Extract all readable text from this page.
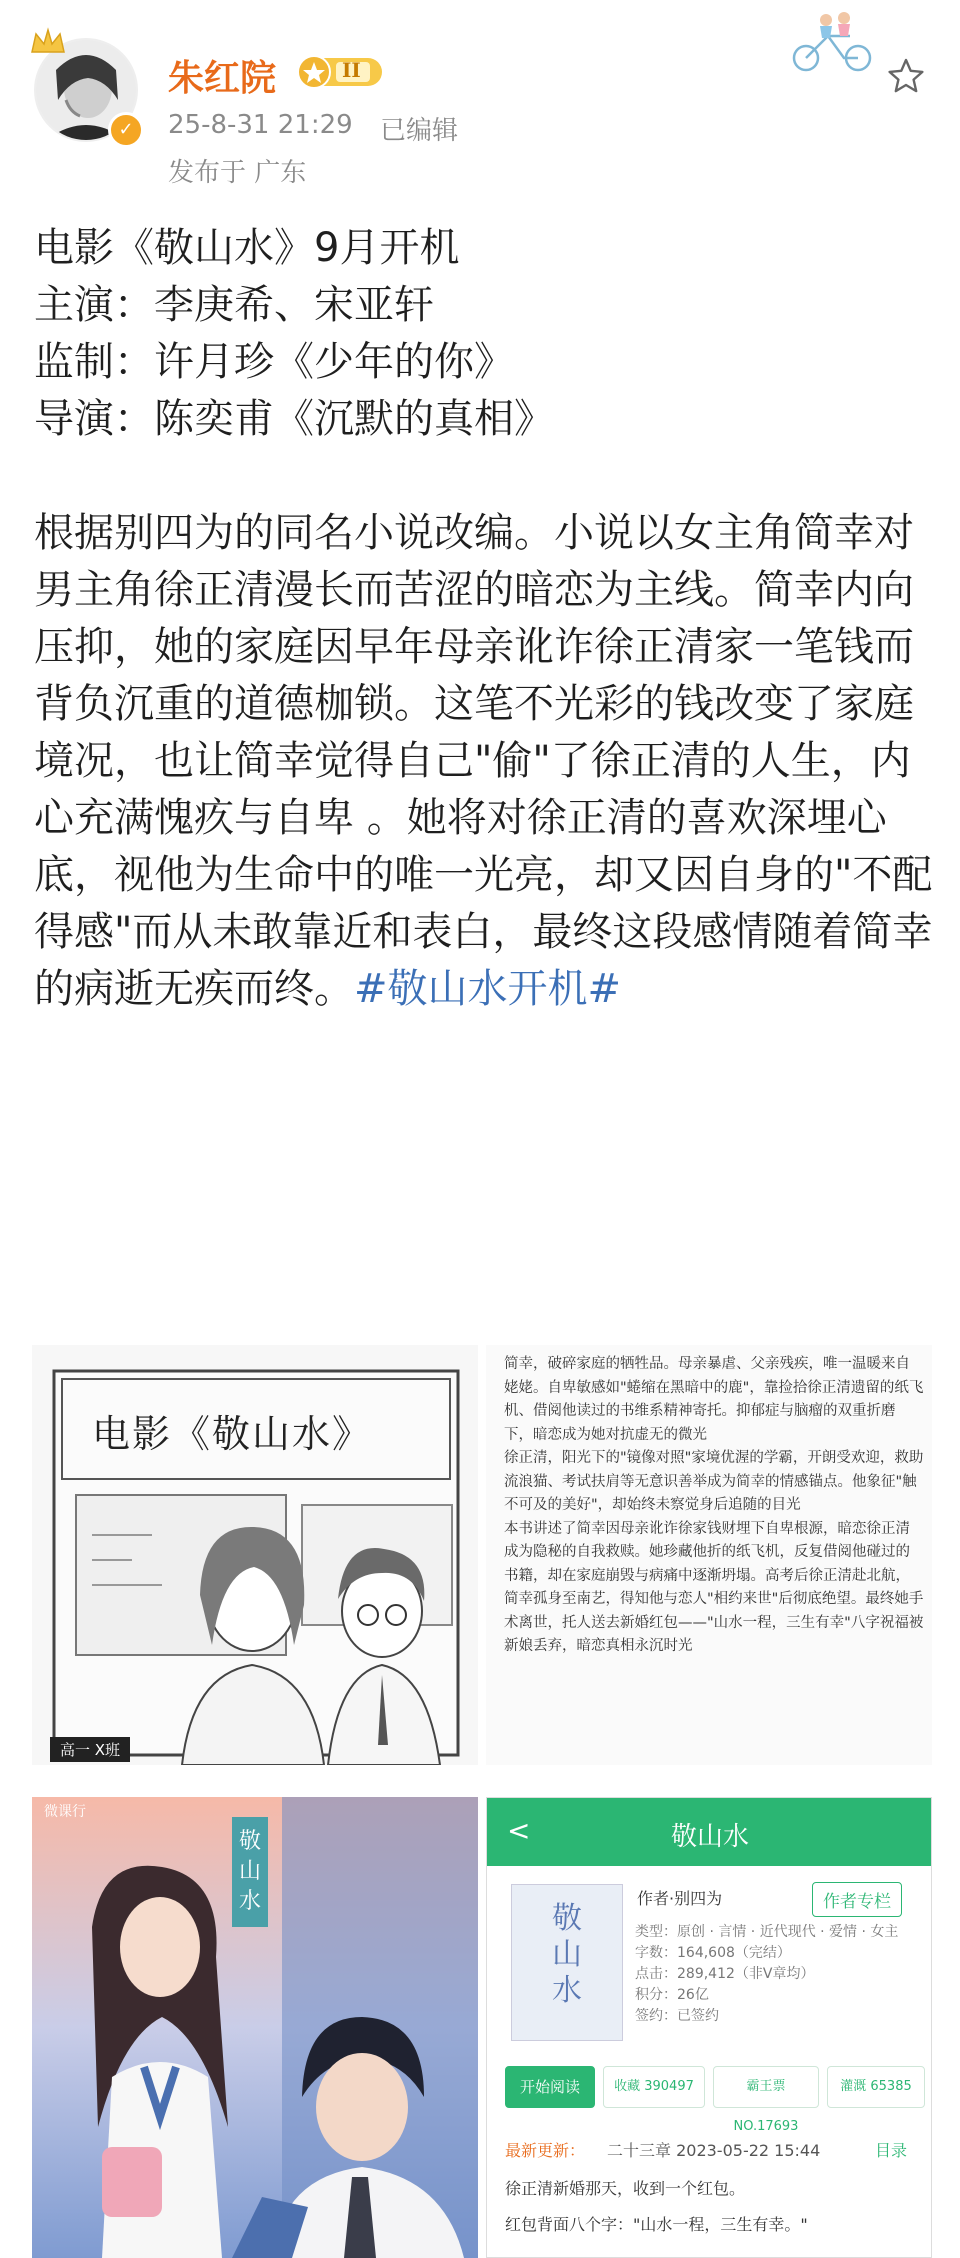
✓
朱红院	II
25-8-31 21:29 已编辑
发布于 广东

电影《敬山水》9月开机

主演：李庚希、宋亚轩

监制：许月珍《少年的你》

导演：陈奕甫《沉默的真相》

根据别四为的同名小说改编。小说以女主角简幸对男主角徐正清漫长而苦涩的暗恋为主线。简幸内向压抑，她的家庭因早年母亲讹诈徐正清家一笔钱而背负沉重的道德枷锁。这笔不光彩的钱改变了家庭境况，也让简幸觉得自己"偷"了徐正清的人生，内心充满愧疚与自卑 。她将对徐正清的喜欢深埋心底，视他为生命中的唯一光亮，却又因自身的"不配得感"而从未敢靠近和表白，最终这段感情随着简幸的病逝无疾而终。#敬山水开机#

电影《敬山水》
高一 X班

简幸，破碎家庭的牺牲品。母亲暴虐、父亲残疾，唯一温暖来自姥姥。自卑敏感如"蜷缩在黑暗中的鹿"，靠捡拾徐正清遗留的纸飞机、借阅他读过的书维系精神寄托。抑郁症与脑瘤的双重折磨下，暗恋成为她对抗虚无的微光

徐正清，阳光下的"镜像对照"家境优渥的学霸，开朗受欢迎，救助流浪猫、考试扶肩等无意识善举成为简幸的情感锚点。他象征"触不可及的美好"，却始终未察觉身后追随的目光

本书讲述了简幸因母亲讹诈徐家钱财埋下自卑根源，暗恋徐正清成为隐秘的自我救赎。她珍藏他折的纸飞机，反复借阅他碰过的书籍，却在家庭崩毁与病痛中逐渐坍塌。高考后徐正清赴北航，简幸孤身至南艺，得知他与恋人"相约来世"后彻底绝望。最终她手术离世，托人送去新婚红包——"山水一程，三生有幸"八字祝福被新娘丢弃，暗恋真相永沉时光

敬山水
微课行
<	敬山水
敬山水
作者·别四为	作者专栏
类型：原创 · 言情 · 近代现代 · 爱情 · 女主
字数：164,608（完结）
点击：289,412（非V章均）
积分：26亿
签约：已签约
开始阅读	收藏 390497	霸王票 NO.17693
灌溉 65385
最新更新： 二十三章 2023-05-22 15:44	目录
徐正清新婚那天，收到一个红包。
红包背面八个字："山水一程，三生有幸。"
